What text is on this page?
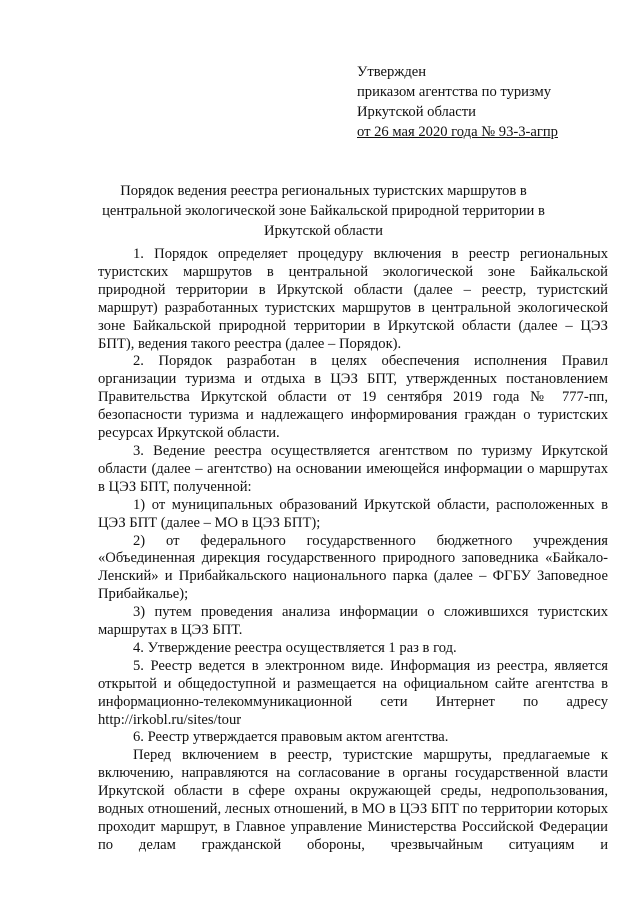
Утвержден
приказом агентства по туризму
Иркутской области
от 26 мая 2020 года № 93-3-агпр
Порядок ведения реестра региональных туристских маршрутов в центральной экологической зоне Байкальской природной территории в Иркутской области

1. Порядок определяет процедуру включения в реестр региональных туристских маршрутов в центральной экологической зоне Байкальской природной территории в Иркутской области (далее – реестр, туристский маршрут) разработанных туристских маршрутов в центральной экологической зоне Байкальской природной территории в Иркутской области (далее – ЦЭЗ БПТ), ведения такого реестра (далее – Порядок).

2. Порядок разработан в целях обеспечения исполнения Правил организации туризма и отдыха в ЦЭЗ БПТ, утвержденных постановлением Правительства Иркутской области от 19 сентября 2019 года № 777-пп, безопасности туризма и надлежащего информирования граждан о туристских ресурсах Иркутской области.

3. Ведение реестра осуществляется агентством по туризму Иркутской области (далее – агентство) на основании имеющейся информации о маршрутах в ЦЭЗ БПТ, полученной:

1) от муниципальных образований Иркутской области, расположенных в ЦЭЗ БПТ (далее – МО в ЦЭЗ БПТ);

2) от федерального государственного бюджетного учреждения «Объединенная дирекция государственного природного заповедника «Байкало-Ленский» и Прибайкальского национального парка (далее – ФГБУ Заповедное Прибайкалье);

3) путем проведения анализа информации о сложившихся туристских маршрутах в ЦЭЗ БПТ.

4. Утверждение реестра осуществляется 1 раз в год.

5. Реестр ведется в электронном виде. Информация из реестра, является открытой и общедоступной и размещается на официальном сайте агентства в информационно-телекоммуникационной сети Интернет по адресу http://irkobl.ru/sites/tour

6. Реестр утверждается правовым актом агентства.

Перед включением в реестр, туристские маршруты, предлагаемые к включению, направляются на согласование в органы государственной власти Иркутской области в сфере охраны окружающей среды, недропользования, водных отношений, лесных отношений, в МО в ЦЭЗ БПТ по территории которых проходит маршрут, в Главное управление Министерства Российской Федерации по делам гражданской обороны, чрезвычайным ситуациям и
